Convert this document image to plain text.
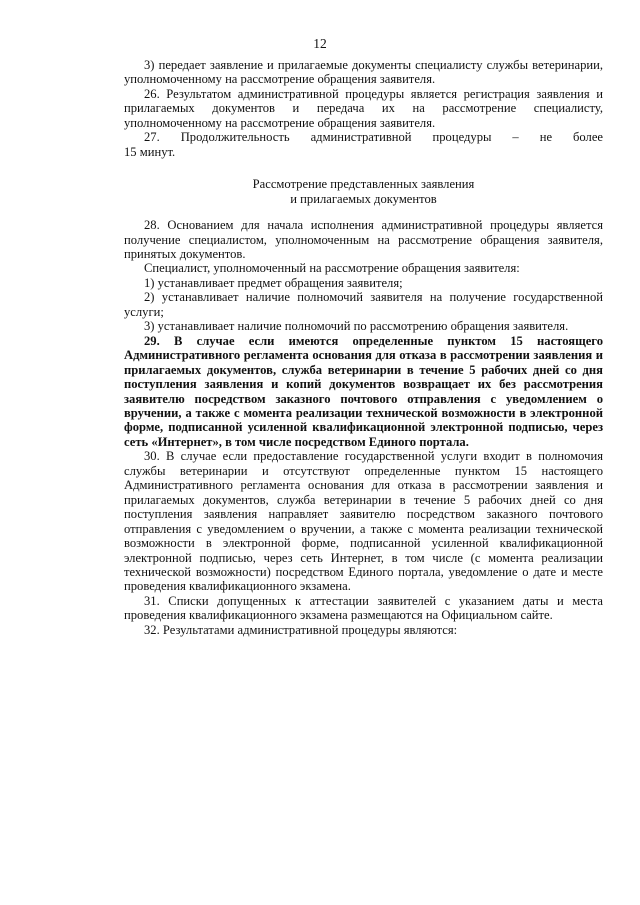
12

3) передает заявление и прилагаемые документы специалисту службы ветеринарии, уполномоченному на рассмотрение обращения заявителя.

26. Результатом административной процедуры является регистрация заявления и прилагаемых документов и передача их на рассмотрение специалисту, уполномоченному на рассмотрение обращения заявителя.

27. Продолжительность административной процедуры – не более

15 минут.

Рассмотрение представленных заявления
и прилагаемых документов

28. Основанием для начала исполнения административной процедуры является получение специалистом, уполномоченным на рассмотрение обращения заявителя, принятых документов.

Специалист, уполномоченный на рассмотрение обращения заявителя:

1) устанавливает предмет обращения заявителя;

2) устанавливает наличие полномочий заявителя на получение государственной услуги;

3) устанавливает наличие полномочий по рассмотрению обращения заявителя.

29. В случае если имеются определенные пунктом 15 настоящего Административного регламента основания для отказа в рассмотрении заявления и прилагаемых документов, служба ветеринарии в течение 5 рабочих дней со дня поступления заявления и копий документов возвращает их без рассмотрения заявителю посредством заказного почтового отправления с уведомлением о вручении, а также с момента реализации технической возможности в электронной форме, подписанной усиленной квалификационной электронной подписью, через сеть «Интернет», в том числе посредством Единого портала.

30. В случае если предоставление государственной услуги входит в полномочия службы ветеринарии и отсутствуют определенные пунктом 15 настоящего Административного регламента основания для отказа в рассмотрении заявления и прилагаемых документов, служба ветеринарии в течение 5 рабочих дней со дня поступления заявления направляет заявителю посредством заказного почтового отправления с уведомлением о вручении, а также с момента реализации технической возможности в электронной форме, подписанной усиленной квалификационной электронной подписью, через сеть Интернет, в том числе (с момента реализации технической возможности) посредством Единого портала, уведомление о дате и месте проведения квалификационного экзамена.

31. Списки допущенных к аттестации заявителей с указанием даты и места проведения квалификационного экзамена размещаются на Официальном сайте.

32. Результатами административной процедуры являются:
